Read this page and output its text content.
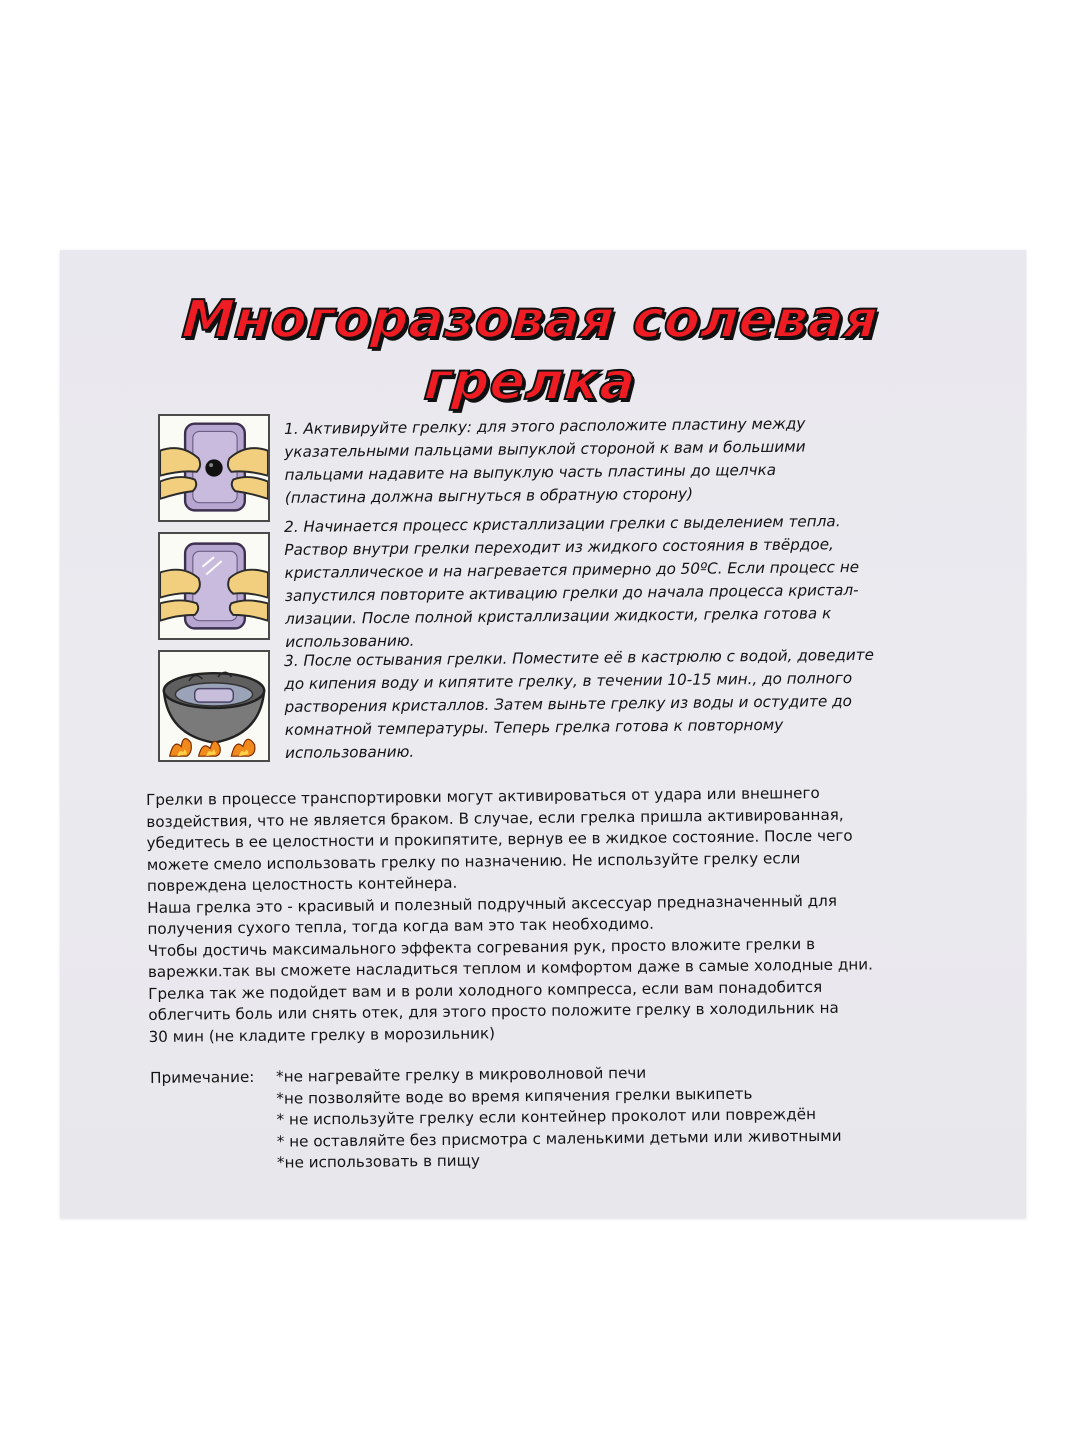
Многоразовая солевая
грелка

1. Активируйте грелку: для этого расположите пластину между
указательными пальцами выпуклой стороной к вам и большими
пальцами надавите на выпуклую часть пластины до щелчка
(пластина должна выгнуться в обратную сторону)

2. Начинается процесс кристаллизации грелки с выделением тепла.
Раствор внутри грелки переходит из жидкого состояния в твёрдое,
кристаллическое и на нагревается примерно до 50ºС. Если процесс не
запустился повторите активацию грелки до начала процесса кристал-
лизации. После полной кристаллизации жидкости, грелка готова к
использованию.

3. После остывания грелки. Поместите её в кастрюлю с водой, доведите
до кипения воду и кипятите грелку, в течении 10-15 мин., до полного
растворения кристаллов. Затем выньте грелку из воды и остудите до
комнатной температуры. Теперь грелка готова к повторному
использованию.

Грелки в процессе транспортировки могут активироваться от удара или внешнего
воздействия, что не является браком. В случае, если грелка пришла активированная,
убедитесь в ее целостности и прокипятите, вернув ее в жидкое состояние. После чего
можете смело использовать грелку по назначению. Не используйте грелку если
повреждена целостность контейнера.
Наша грелка это - красивый и полезный подручный аксессуар предназначенный для
получения сухого тепла, тогда когда вам это так необходимо.
Чтобы достичь максимального эффекта согревания рук, просто вложите грелки в
варежки.так вы сможете насладиться теплом и комфортом даже в самые холодные дни.
Грелка так же подойдет вам и в роли холодного компресса, если вам понадобится
облегчить боль или снять отек, для этого просто положите грелку в холодильник на
30 мин (не кладите грелку в морозильник)

Примечание: *не нагревайте грелку в микроволновой печи
*не позволяйте воде во время кипячения грелки выкипеть
* не используйте грелку если контейнер проколот или повреждён
* не оставляйте без присмотра с маленькими детьми или животными
*не использовать в пищу
